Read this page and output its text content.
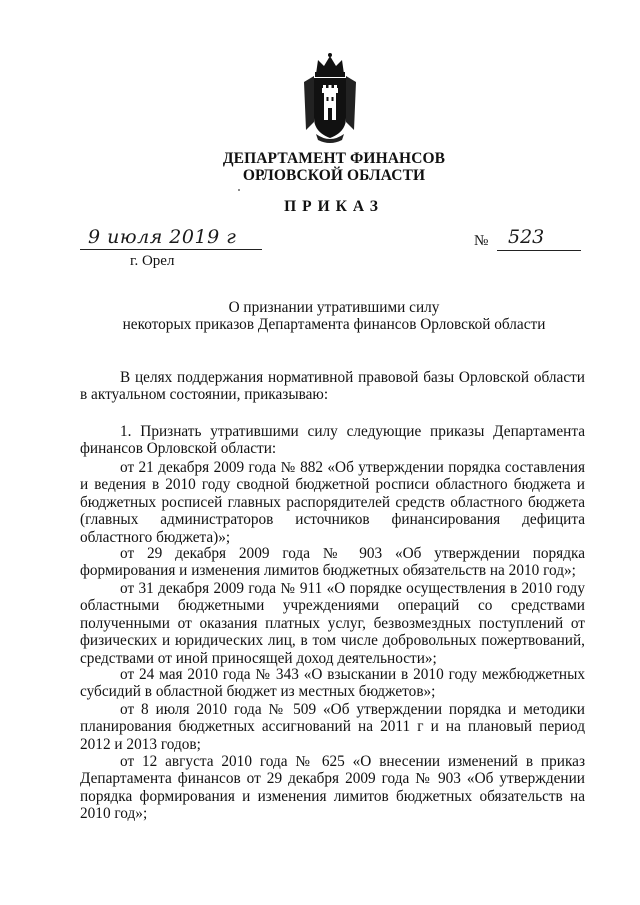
ДЕПАРТАМЕНТ ФИНАНСОВ
ОРЛОВСКОЙ ОБЛАСТИ
ПРИКАЗ
9 июля 2019 г	№ 523
г. Орел
О признании утратившими силу
некоторых приказов Департамента финансов Орловской области
В целях поддержания нормативной правовой базы Орловской области в актуальном состоянии, приказываю:
1. Признать утратившими силу следующие приказы Департамента финансов Орловской области:
от 21 декабря 2009 года № 882 «Об утверждении порядка составления и ведения в 2010 году сводной бюджетной росписи областного бюджета и бюджетных росписей главных распорядителей средств областного бюджета (главных администраторов источников финансирования дефицита областного бюджета)»;
от 29 декабря 2009 года № 903 «Об утверждении порядка формирования и изменения лимитов бюджетных обязательств на 2010 год»;
от 31 декабря 2009 года № 911 «О порядке осуществления в 2010 году областными бюджетными учреждениями операций со средствами полученными от оказания платных услуг, безвозмездных поступлений от физических и юридических лиц, в том числе добровольных пожертвований, средствами от иной приносящей доход деятельности»;
от 24 мая 2010 года № 343 «О взыскании в 2010 году межбюджетных субсидий в областной бюджет из местных бюджетов»;
от 8 июля 2010 года № 509 «Об утверждении порядка и методики планирования бюджетных ассигнований на 2011 г и на плановый период 2012 и 2013 годов;
от 12 августа 2010 года № 625 «О внесении изменений в приказ Департамента финансов от 29 декабря 2009 года № 903 «Об утверждении порядка формирования и изменения лимитов бюджетных обязательств на 2010 год»;
